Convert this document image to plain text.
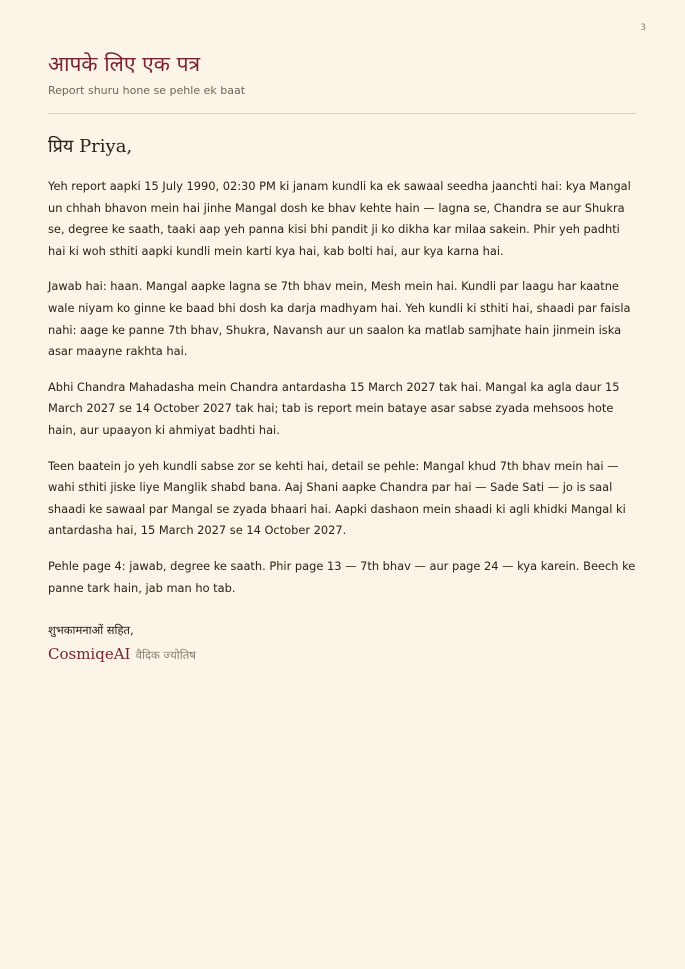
3
आपके लिए एक पत्र
Report shuru hone se pehle ek baat
प्रिय Priya,

Yeh report aapki 15 July 1990, 02:30 PM ki janam kundli ka ek sawaal seedha jaanchti hai: kya Mangal un chhah bhavon mein hai jinhe Mangal dosh ke bhav kehte hain — lagna se, Chandra se aur Shukra se, degree ke saath, taaki aap yeh panna kisi bhi pandit ji ko dikha kar milaa sakein. Phir yeh padhti hai ki woh sthiti aapki kundli mein karti kya hai, kab bolti hai, aur kya karna hai.

Jawab hai: haan. Mangal aapke lagna se 7th bhav mein, Mesh mein hai. Kundli par laagu har kaatne wale niyam ko ginne ke baad bhi dosh ka darja madhyam hai. Yeh kundli ki sthiti hai, shaadi par faisla nahi: aage ke panne 7th bhav, Shukra, Navansh aur un saalon ka matlab samjhate hain jinmein iska asar maayne rakhta hai.

Abhi Chandra Mahadasha mein Chandra antardasha 15 March 2027 tak hai. Mangal ka agla daur 15 March 2027 se 14 October 2027 tak hai; tab is report mein bataye asar sabse zyada mehsoos hote hain, aur upaayon ki ahmiyat badhti hai.

Teen baatein jo yeh kundli sabse zor se kehti hai, detail se pehle: Mangal khud 7th bhav mein hai — wahi sthiti jiske liye Manglik shabd bana. Aaj Shani aapke Chandra par hai — Sade Sati — jo is saal shaadi ke sawaal par Mangal se zyada bhaari hai. Aapki dashaon mein shaadi ki agli khidki Mangal ki antardasha hai, 15 March 2027 se 14 October 2027.

Pehle page 4: jawab, degree ke saath. Phir page 13 — 7th bhav — aur page 24 — kya karein. Beech ke panne tark hain, jab man ho tab.

शुभकामनाओं सहित,
CosmiqeAI वैदिक ज्योतिष
